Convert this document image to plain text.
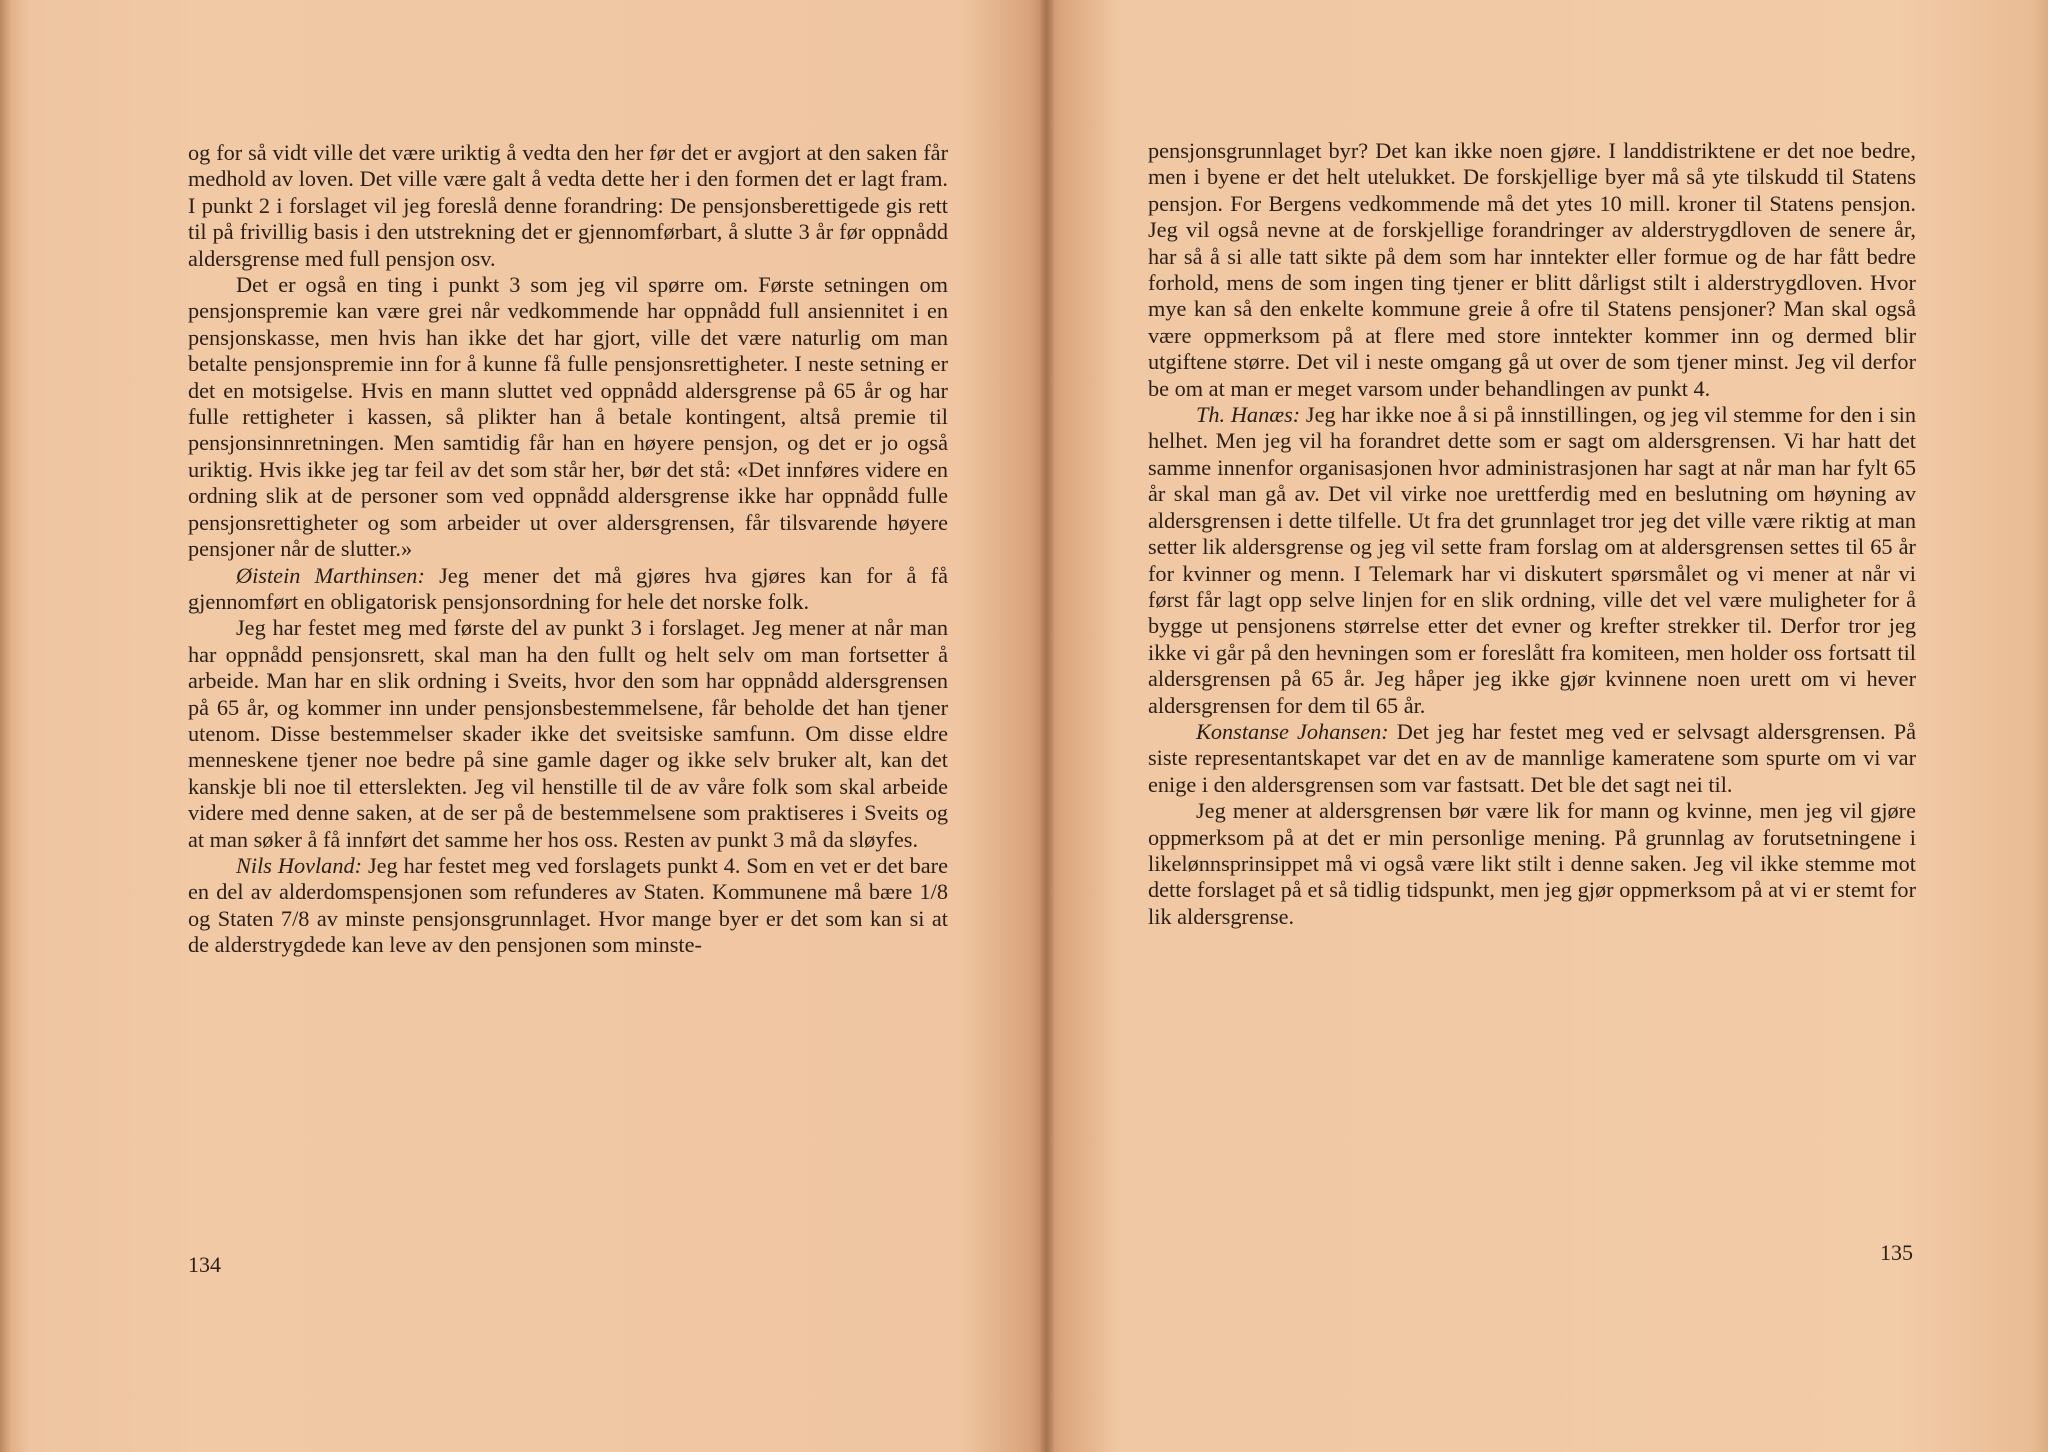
og for så vidt ville det være uriktig å vedta den her før det er avgjort at den saken får medhold av loven. Det ville være galt å vedta dette her i den formen det er lagt fram. I punkt 2 i forslaget vil jeg foreslå denne forandring: De pensjonsberettigede gis rett til på frivillig basis i den utstrekning det er gjennomførbart, å slutte 3 år før oppnådd aldersgrense med full pensjon osv.

Det er også en ting i punkt 3 som jeg vil spørre om. Første setningen om pensjonspremie kan være grei når vedkommende har oppnådd full ansiennitet i en pensjonskasse, men hvis han ikke det har gjort, ville det være naturlig om man betalte pensjonspremie inn for å kunne få fulle pensjonsrettigheter. I neste setning er det en motsigelse. Hvis en mann sluttet ved oppnådd aldersgrense på 65 år og har fulle rettigheter i kassen, så plikter han å betale kontingent, altså premie til pensjonsinnretningen. Men samtidig får han en høyere pensjon, og det er jo også uriktig. Hvis ikke jeg tar feil av det som står her, bør det stå: «Det innføres videre en ordning slik at de personer som ved oppnådd aldersgrense ikke har oppnådd fulle pensjonsrettigheter og som arbeider ut over aldersgrensen, får tilsvarende høyere pensjoner når de slutter.»

Øistein Marthinsen: Jeg mener det må gjøres hva gjøres kan for å få gjennomført en obligatorisk pensjonsordning for hele det norske folk.

Jeg har festet meg med første del av punkt 3 i forslaget. Jeg mener at når man har oppnådd pensjonsrett, skal man ha den fullt og helt selv om man fortsetter å arbeide. Man har en slik ordning i Sveits, hvor den som har oppnådd aldersgrensen på 65 år, og kommer inn under pensjonsbestemmelsene, får beholde det han tjener utenom. Disse bestemmelser skader ikke det sveitsiske samfunn. Om disse eldre menneskene tjener noe bedre på sine gamle dager og ikke selv bruker alt, kan det kanskje bli noe til etterslekten. Jeg vil henstille til de av våre folk som skal arbeide videre med denne saken, at de ser på de bestemmelsene som praktiseres i Sveits og at man søker å få innført det samme her hos oss. Resten av punkt 3 må da sløyfes.

Nils Hovland: Jeg har festet meg ved forslagets punkt 4. Som en vet er det bare en del av alderdomspensjonen som refunderes av Staten. Kommunene må bære 1/8 og Staten 7/8 av minste pensjonsgrunnlaget. Hvor mange byer er det som kan si at de alderstrygdede kan leve av den pensjonen som minste-

134

pensjonsgrunnlaget byr? Det kan ikke noen gjøre. I landdistriktene er det noe bedre, men i byene er det helt utelukket. De forskjellige byer må så yte tilskudd til Statens pensjon. For Bergens vedkommende må det ytes 10 mill. kroner til Statens pensjon. Jeg vil også nevne at de forskjellige forandringer av alderstrygdloven de senere år, har så å si alle tatt sikte på dem som har inntekter eller formue og de har fått bedre forhold, mens de som ingen ting tjener er blitt dårligst stilt i alderstrygdloven. Hvor mye kan så den enkelte kommune greie å ofre til Statens pensjoner? Man skal også være oppmerksom på at flere med store inntekter kommer inn og dermed blir utgiftene større. Det vil i neste omgang gå ut over de som tjener minst. Jeg vil derfor be om at man er meget varsom under behandlingen av punkt 4.

Th. Hanæs: Jeg har ikke noe å si på innstillingen, og jeg vil stemme for den i sin helhet. Men jeg vil ha forandret dette som er sagt om aldersgrensen. Vi har hatt det samme innenfor organisasjonen hvor administrasjonen har sagt at når man har fylt 65 år skal man gå av. Det vil virke noe urettferdig med en beslutning om høyning av aldersgrensen i dette tilfelle. Ut fra det grunnlaget tror jeg det ville være riktig at man setter lik aldersgrense og jeg vil sette fram forslag om at aldersgrensen settes til 65 år for kvinner og menn. I Telemark har vi diskutert spørsmålet og vi mener at når vi først får lagt opp selve linjen for en slik ordning, ville det vel være muligheter for å bygge ut pensjonens størrelse etter det evner og krefter strekker til. Derfor tror jeg ikke vi går på den hevningen som er foreslått fra komiteen, men holder oss fortsatt til aldersgrensen på 65 år. Jeg håper jeg ikke gjør kvinnene noen urett om vi hever aldersgrensen for dem til 65 år.

Konstanse Johansen: Det jeg har festet meg ved er selvsagt aldersgrensen. På siste representantskapet var det en av de mannlige kameratene som spurte om vi var enige i den aldersgrensen som var fastsatt. Det ble det sagt nei til.

Jeg mener at aldersgrensen bør være lik for mann og kvinne, men jeg vil gjøre oppmerksom på at det er min personlige mening. På grunnlag av forutsetningene i likelønnsprinsippet må vi også være likt stilt i denne saken. Jeg vil ikke stemme mot dette forslaget på et så tidlig tidspunkt, men jeg gjør oppmerksom på at vi er stemt for lik aldersgrense.

135
